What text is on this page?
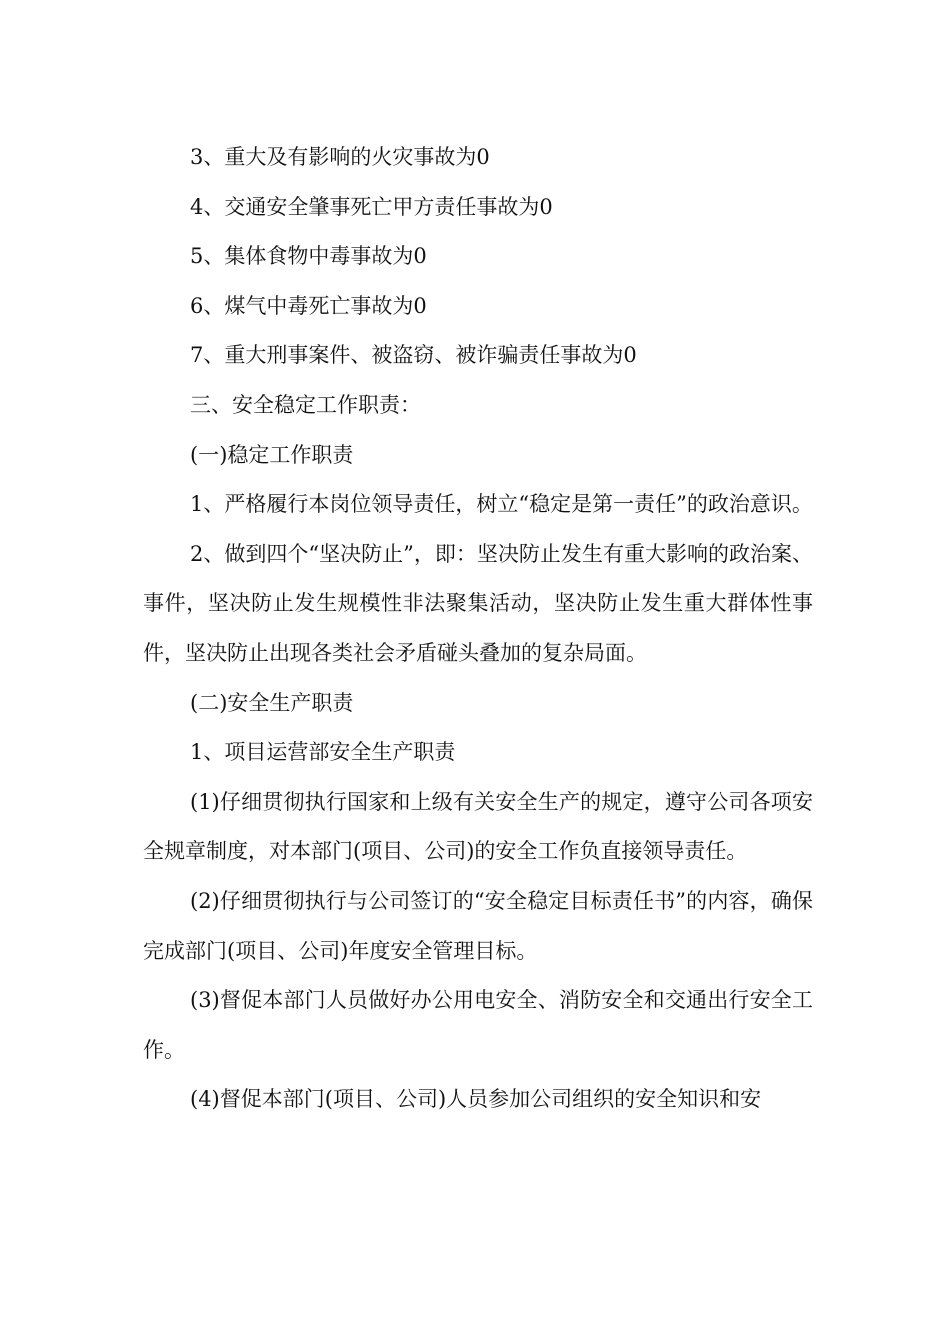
3、重大及有影响的火灾事故为0

4、交通安全肇事死亡甲方责任事故为0

5、集体食物中毒事故为0

6、煤气中毒死亡事故为0

7、重大刑事案件、被盗窃、被诈骗责任事故为0

三、安全稳定工作职责：

(一)稳定工作职责

1、严格履行本岗位领导责任，树立“稳定是第一责任”的政治意识。

2、做到四个“坚决防止”，即：坚决防止发生有重大影响的政治案、事件，坚决防止发生规模性非法聚集活动，坚决防止发生重大群体性事件，坚决防止出现各类社会矛盾碰头叠加的复杂局面。

(二)安全生产职责

1、项目运营部安全生产职责

(1)仔细贯彻执行国家和上级有关安全生产的规定，遵守公司各项安全规章制度，对本部门(项目、公司)的安全工作负直接领导责任。

(2)仔细贯彻执行与公司签订的“安全稳定目标责任书”的内容，确保完成部门(项目、公司)年度安全管理目标。

(3)督促本部门人员做好办公用电安全、消防安全和交通出行安全工作。

(4)督促本部门(项目、公司)人员参加公司组织的安全知识和安
